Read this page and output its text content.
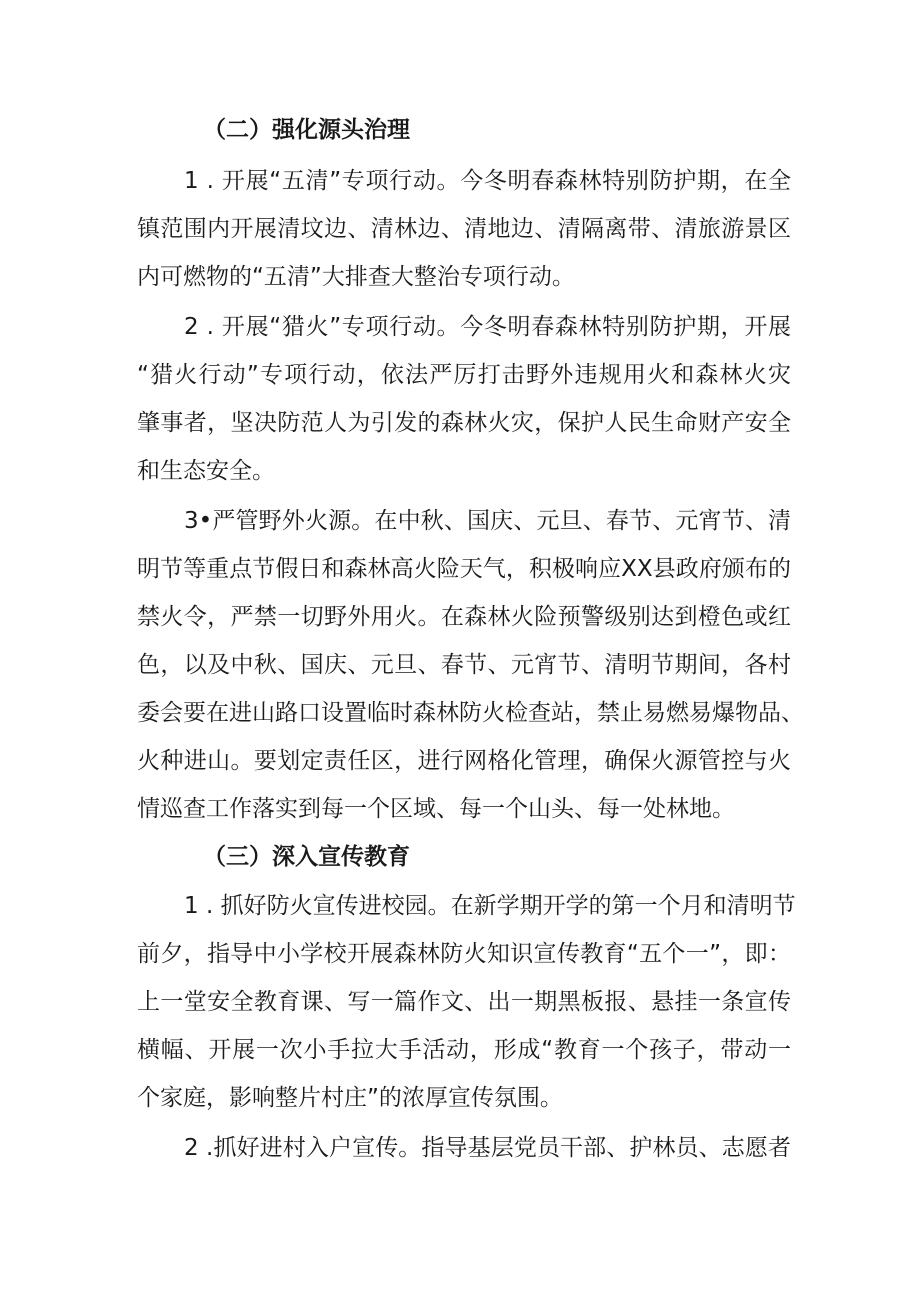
（二）强化源头治理
1 . 开展“五清”专项行动。今冬明春森林特别防护期，在全
镇范围内开展清坟边、清林边、清地边、清隔离带、清旅游景区
内可燃物的“五清”大排查大整治专项行动。
2 . 开展“猎火”专项行动。今冬明春森林特别防护期，开展
“猎火行动”专项行动，依法严厉打击野外违规用火和森林火灾
肇事者，坚决防范人为引发的森林火灾，保护人民生命财产安全
和生态安全。
3•严管野外火源。在中秋、国庆、元旦、春节、元宵节、清
明节等重点节假日和森林高火险天气，积极响应XX县政府颁布的
禁火令，严禁一切野外用火。在森林火险预警级别达到橙色或红
色，以及中秋、国庆、元旦、春节、元宵节、清明节期间，各村
委会要在进山路口设置临时森林防火检查站，禁止易燃易爆物品、
火种进山。要划定责任区，进行网格化管理，确保火源管控与火
情巡查工作落实到每一个区域、每一个山头、每一处林地。
（三）深入宣传教育
1 . 抓好防火宣传进校园。在新学期开学的第一个月和清明节
前夕，指导中小学校开展森林防火知识宣传教育“五个一”，即：
上一堂安全教育课、写一篇作文、出一期黑板报、悬挂一条宣传
横幅、开展一次小手拉大手活动，形成“教育一个孩子，带动一
个家庭，影响整片村庄”的浓厚宣传氛围。
2 .抓好进村入户宣传。指导基层党员干部、护林员、志愿者
